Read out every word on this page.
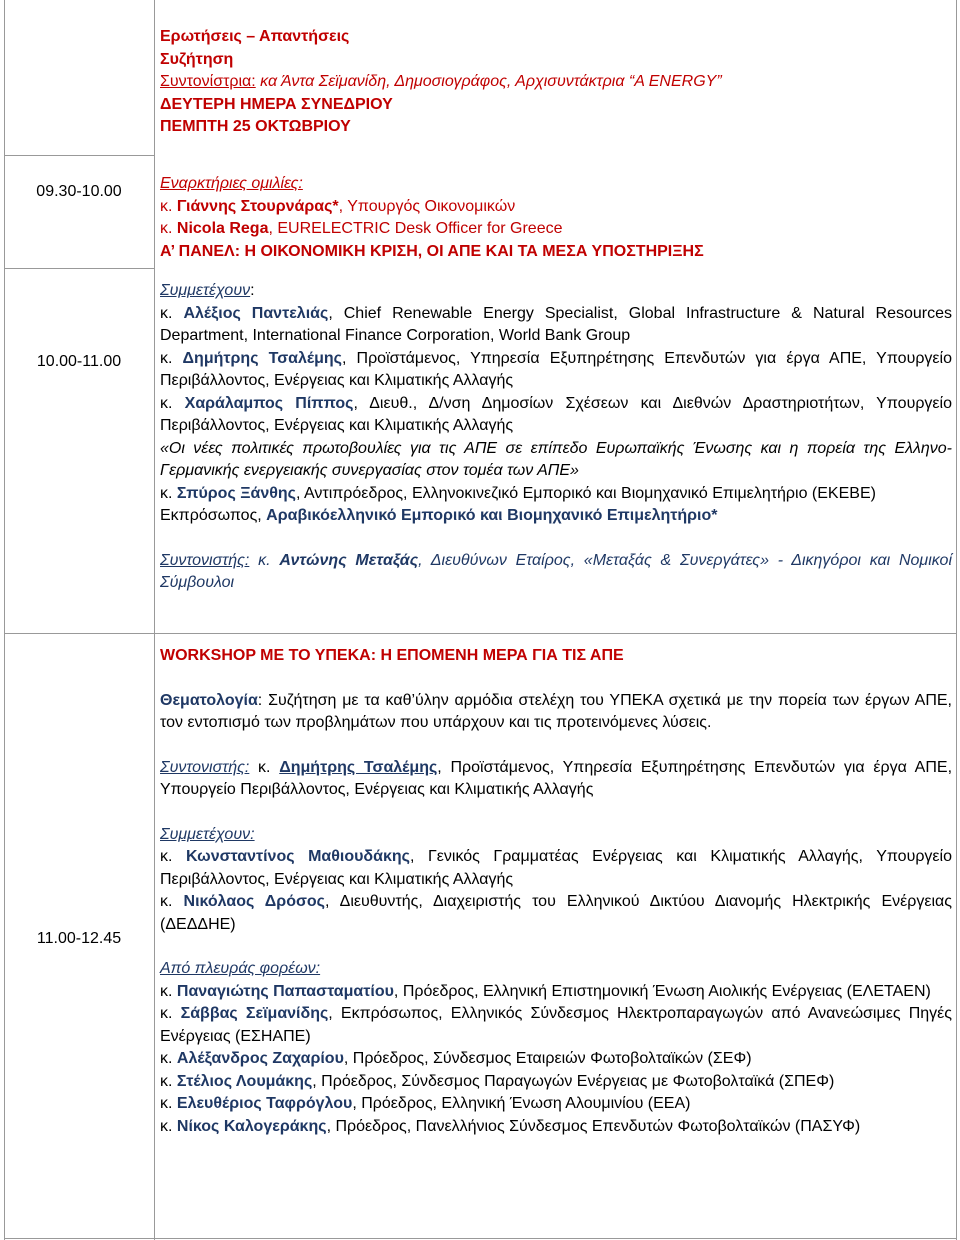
Ερωτήσεις – Απαντήσεις
Συζήτηση
Συντονίστρια: κα Άντα Σεϊμανίδη, Δημοσιογράφος, Αρχισυντάκτρια “Α ENERGY”
ΔΕΥΤΕΡΗ ΗΜΕΡΑ ΣΥΝΕΔΡΙΟΥ
ΠΕΜΠΤΗ 25 ΟΚΤΩΒΡΙΟΥ
09.30-10.00	Εναρκτήριες ομιλίες:
κ. Γιάννης Στουρνάρας*, Υπουργός Οικονομικών
κ. Nicola Rega, EURELECTRIC Desk Officer for Greece
Α’ ΠΑΝΕΛ: Η ΟΙΚΟΝΟΜΙΚΗ ΚΡΙΣΗ, ΟΙ ΑΠΕ ΚΑΙ ΤΑ ΜΕΣΑ ΥΠΟΣΤΗΡΙΞΗΣ
10.00-11.00
Συμμετέχουν:
κ. Αλέξιος Παντελιάς, Chief Renewable Energy Specialist, Global Infrastructure & Natural Resources Department, International Finance Corporation, World Bank Group
κ. Δημήτρης Τσαλέμης, Προϊστάμενος, Υπηρεσία Εξυπηρέτησης Επενδυτών για έργα ΑΠΕ, Υπουργείο Περιβάλλοντος, Ενέργειας και Κλιματικής Αλλαγής
κ. Χαράλαμπος Πίππος, Διευθ., Δ/νση Δημοσίων Σχέσεων και Διεθνών Δραστηριοτήτων, Υπουργείο Περιβάλλοντος, Ενέργειας και Κλιματικής Αλλαγής
«Οι νέες πολιτικές πρωτοβουλίες για τις ΑΠΕ σε επίπεδο Ευρωπαϊκής Ένωσης και η πορεία της Ελληνο-Γερμανικής ενεργειακής συνεργασίας στον τομέα των ΑΠΕ»
κ. Σπύρος Ξάνθης, Αντιπρόεδρος, Ελληνοκινεζικό Εμπορικό και Βιομηχανικό Επιμελητήριο (ΕΚΕΒΕ)
Εκπρόσωπος, Αραβικόελληνικό Εμπορικό και Βιομηχανικό Επιμελητήριο*
Συντονιστής: κ. Αντώνης Μεταξάς, Διευθύνων Εταίρος, «Μεταξάς & Συνεργάτες» - Δικηγόροι και Νομικοί Σύμβουλοι
11.00-12.45
WORKSHOP ΜΕ ΤΟ ΥΠΕΚΑ: Η ΕΠΟΜΕΝΗ ΜΕΡΑ ΓΙΑ ΤΙΣ ΑΠΕ
Θεματολογία: Συζήτηση με τα καθ’ύλην αρμόδια στελέχη του ΥΠΕΚΑ σχετικά με την πορεία των έργων ΑΠΕ, τον εντοπισμό των προβλημάτων που υπάρχουν και τις προτεινόμενες λύσεις.
Συντονιστής: κ. Δημήτρης Τσαλέμης, Προϊστάμενος, Υπηρεσία Εξυπηρέτησης Επενδυτών για έργα ΑΠΕ, Υπουργείο Περιβάλλοντος, Ενέργειας και Κλιματικής Αλλαγής
Συμμετέχουν:
κ. Κωνσταντίνος Μαθιουδάκης, Γενικός Γραμματέας Ενέργειας και Κλιματικής Αλλαγής, Υπουργείο Περιβάλλοντος, Ενέργειας και Κλιματικής Αλλαγής
κ. Νικόλαος Δρόσος, Διευθυντής, Διαχειριστής του Ελληνικού Δικτύου Διανομής Ηλεκτρικής Ενέργειας (ΔΕΔΔΗΕ)
Από πλευράς φορέων:
κ. Παναγιώτης Παπασταματίου, Πρόεδρος, Ελληνική Επιστημονική Ένωση Αιολικής Ενέργειας (ΕΛΕΤΑΕΝ)
κ. Σάββας Σεϊμανίδης, Εκπρόσωπος, Ελληνικός Σύνδεσμος Ηλεκτροπαραγωγών από Ανανεώσιμες Πηγές Ενέργειας (ΕΣΗΑΠΕ)
κ. Αλέξανδρος Ζαχαρίου, Πρόεδρος, Σύνδεσμος Εταιρειών Φωτοβολταϊκών (ΣΕΦ)
κ. Στέλιος Λουμάκης, Πρόεδρος, Σύνδεσμος Παραγωγών Ενέργειας με Φωτοβολταϊκά (ΣΠΕΦ)
κ. Ελευθέριος Ταφρόγλου, Πρόεδρος, Ελληνική Ένωση Αλουμινίου (ΕΕΑ)
κ. Νίκος Καλογεράκης, Πρόεδρος, Πανελλήνιος Σύνδεσμος Επενδυτών Φωτοβολταϊκών (ΠΑΣΥΦ)
